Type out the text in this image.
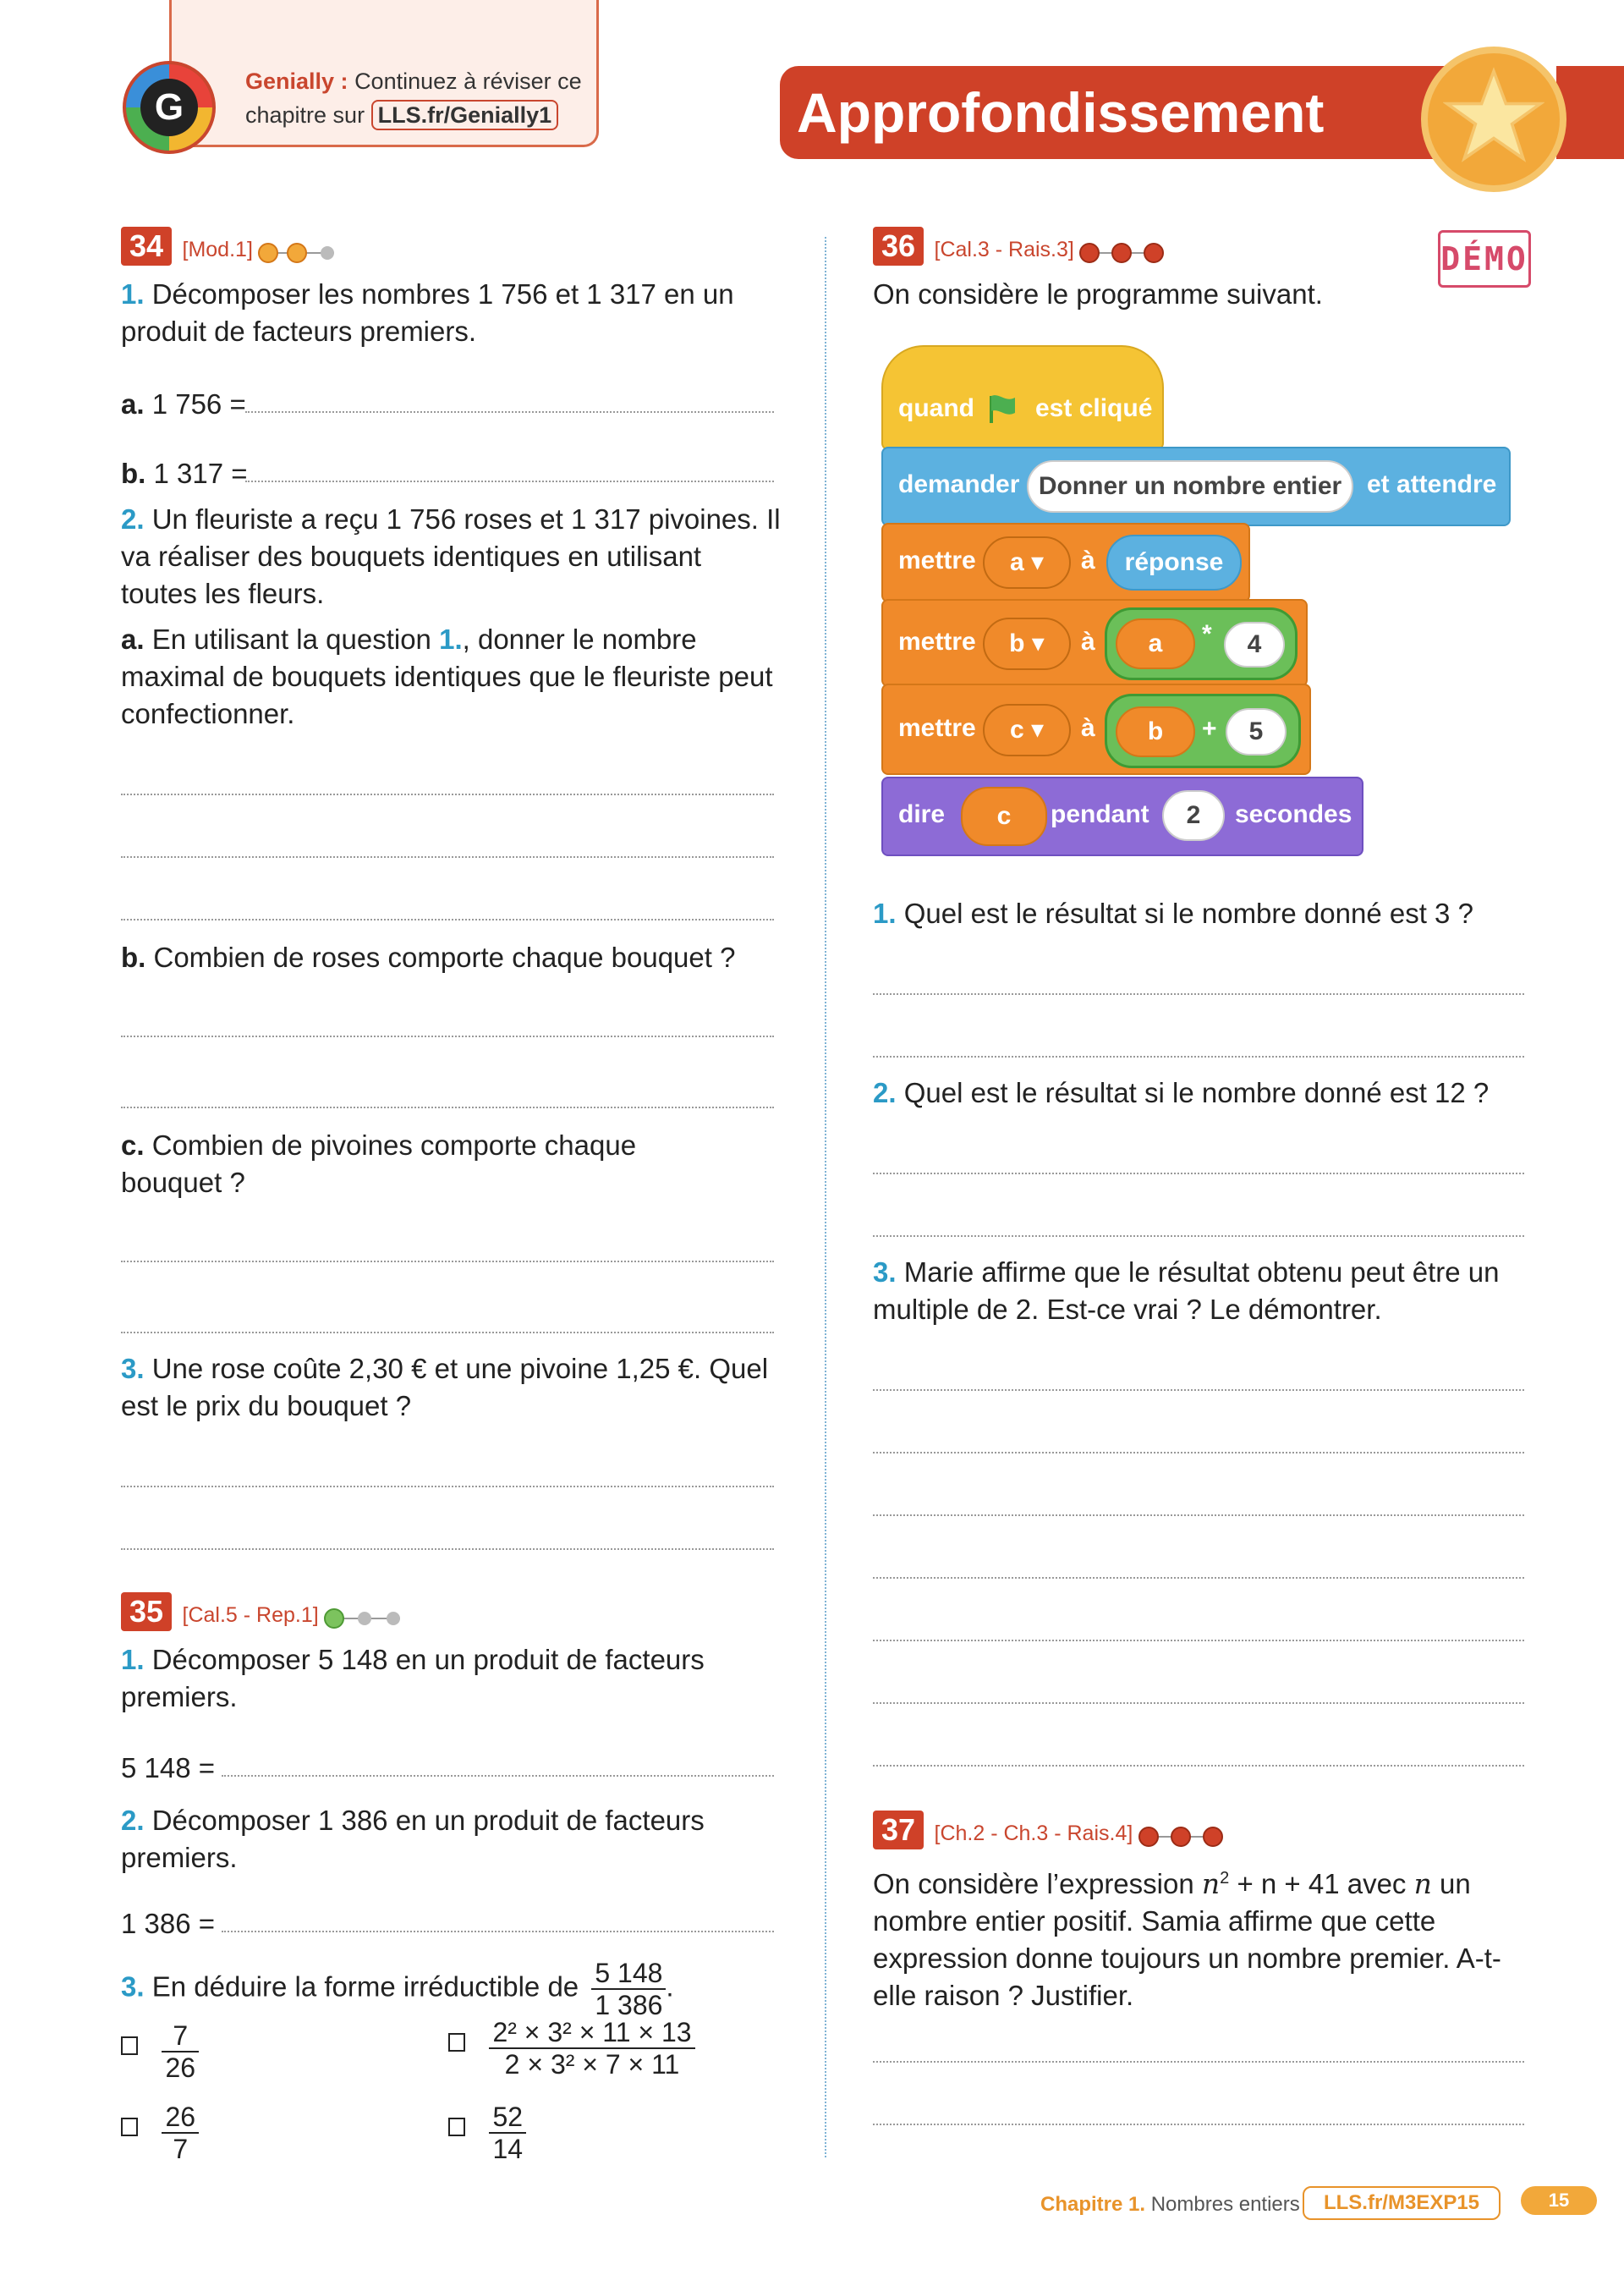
G
Genially : Continuez à réviser ce chapitre sur LLS.fr/Genially1	Approfondissement
34 [Mod.1]
1. Décomposer les nombres 1 756 et 1 317 en un produit de facteurs premiers.
a. 1 756 =
b. 1 317 =
2. Un fleuriste a reçu 1 756 roses et 1 317 pivoines. Il va réaliser des bouquets identiques en utilisant toutes les fleurs.
a. En utilisant la question 1., donner le nombre maximal de bouquets identiques que le fleuriste peut confectionner.
b. Combien de roses comporte chaque bouquet ?
c. Combien de pivoines comporte chaque bouquet ?
3. Une rose coûte 2,30 € et une pivoine 1,25 €. Quel est le prix du bouquet ?
35 [Cal.5 - Rep.1]
1. Décomposer 5 148 en un produit de facteurs premiers.
5 148 =
2. Décomposer 1 386 en un produit de facteurs premiers.
1 386 =
3. En déduire la forme irréductible de $\frac{5 148}{1 386}$ .

$\frac{7}{26}$
	$\frac{\text{2² × 3² × 11 × 13}}{\text{2 × 3² × 7 × 11}}$

$\frac{26}{7}$
	$\frac{52}{14}$
36 [Cal.3 - Rais.3]	DÉMO
On considère le programme suivant.
quand est cliqué
demander Donner un nombre entier et attendre
mettre	a ▾	à	réponse
mettre	b ▾	à	a	*	4
mettre	c ▾	à	b	+	5
dire	c	pendant	2	secondes
1. Quel est le résultat si le nombre donné est 3 ?
2. Quel est le résultat si le nombre donné est 12 ?
3. Marie affirme que le résultat obtenu peut être un multiple de 2. Est-ce vrai ? Le démontrer.
37 [Ch.2 - Ch.3 - Rais.4]
On considère l’expression $n^2 + n + 41$ avec n un nombre entier positif. Samia affirme que cette expression donne toujours un nombre premier. A-t-elle raison ? Justifier.
Chapitre 1. Nombres entiers	LLS.fr/M3EXP15	15
